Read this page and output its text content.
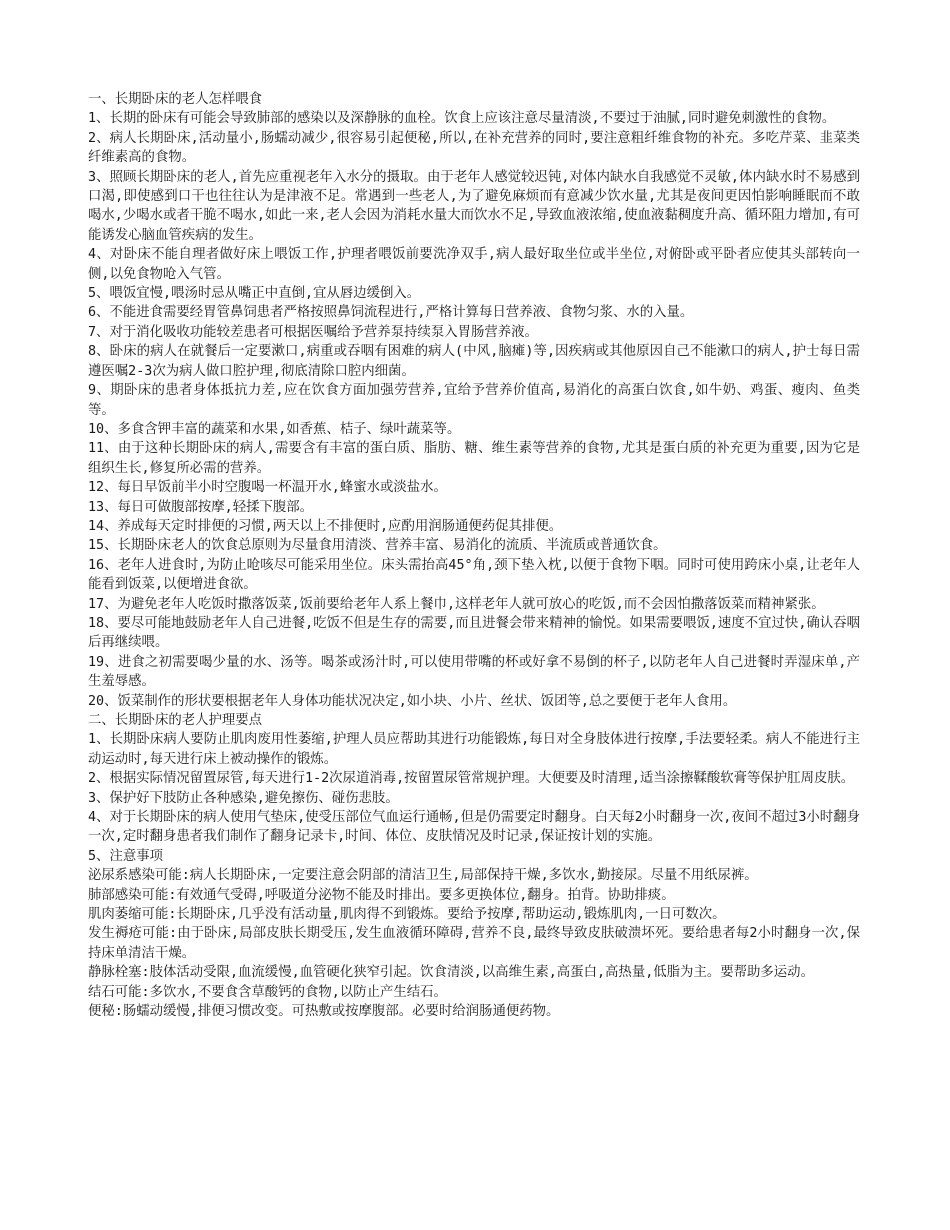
一、长期卧床的老人怎样喂食

1、长期的卧床有可能会导致肺部的感染以及深静脉的血栓。饮食上应该注意尽量清淡,不要过于油腻,同时避免刺激性的食物。

2、病人长期卧床,活动量小,肠蠕动减少,很容易引起便秘,所以,在补充营养的同时,要注意粗纤维食物的补充。多吃芹菜、韭菜类纤维素高的食物。

3、照顾长期卧床的老人,首先应重视老年入水分的摄取。由于老年人感觉较迟钝,对体内缺水自我感觉不灵敏,体内缺水时不易感到口渴,即使感到口干也往往认为是津液不足。常遇到一些老人,为了避免麻烦而有意减少饮水量,尤其是夜间更因怕影响睡眠而不敢喝水,少喝水或者干脆不喝水,如此一来,老人会因为消耗水量大而饮水不足,导致血液浓缩,使血液黏稠度升高、循环阻力增加,有可能诱发心脑血管疾病的发生。

4、对卧床不能自理者做好床上喂饭工作,护理者喂饭前要洗净双手,病人最好取坐位或半坐位,对俯卧或平卧者应使其头部转向一侧,以免食物呛入气管。

5、喂饭宜慢,喂汤时忌从嘴正中直倒,宜从唇边缓倒入。

6、不能进食需要经胃管鼻饲患者严格按照鼻饲流程进行,严格计算每日营养液、食物匀浆、水的入量。

7、对于消化吸收功能较差患者可根据医嘱给予营养泵持续泵入胃肠营养液。

8、卧床的病人在就餐后一定要漱口,病重或吞咽有困难的病人(中风,脑瘫)等,因疾病或其他原因自己不能漱口的病人,护士每日需遵医嘱2-3次为病人做口腔护理,彻底清除口腔内细菌。

9、期卧床的患者身体抵抗力差,应在饮食方面加强劳营养,宜给予营养价值高,易消化的高蛋白饮食,如牛奶、鸡蛋、瘦肉、鱼类等。

10、多食含钾丰富的蔬菜和水果,如香蕉、桔子、绿叶蔬菜等。

11、由于这种长期卧床的病人,需要含有丰富的蛋白质、脂肪、糖、维生素等营养的食物,尤其是蛋白质的补充更为重要,因为它是组织生长,修复所必需的营养。

12、每日早饭前半小时空腹喝一杯温开水,蜂蜜水或淡盐水。

13、每日可做腹部按摩,轻揉下腹部。

14、养成每天定时排便的习惯,两天以上不排便时,应酌用润肠通便药促其排便。

15、长期卧床老人的饮食总原则为尽量食用清淡、营养丰富、易消化的流质、半流质或普通饮食。

16、老年人进食时,为防止呛咳尽可能采用坐位。床头需抬高45°角,颈下垫入枕,以便于食物下咽。同时可使用跨床小桌,让老年人能看到饭菜,以便增进食欲。

17、为避免老年人吃饭时撒落饭菜,饭前要给老年人系上餐巾,这样老年人就可放心的吃饭,而不会因怕撒落饭菜而精神紧张。

18、要尽可能地鼓励老年人自己进餐,吃饭不但是生存的需要,而且进餐会带来精神的愉悦。如果需要喂饭,速度不宜过快,确认吞咽后再继续喂。

19、进食之初需要喝少量的水、汤等。喝茶或汤汁时,可以使用带嘴的杯或好拿不易倒的杯子,以防老年人自己进餐时弄湿床单,产生羞辱感。

20、饭菜制作的形状要根据老年人身体功能状况决定,如小块、小片、丝状、饭团等,总之要便于老年人食用。

二、长期卧床的老人护理要点

1、长期卧床病人要防止肌肉废用性萎缩,护理人员应帮助其进行功能锻炼,每日对全身肢体进行按摩,手法要轻柔。病人不能进行主动运动时,每天进行床上被动操作的锻炼。

2、根据实际情况留置尿管,每天进行1-2次尿道消毒,按留置尿管常规护理。大便要及时清理,适当涂擦鞣酸软膏等保护肛周皮肤。

3、保护好下肢防止各种感染,避免擦伤、碰伤悲肢。

4、对于长期卧床的病人使用气垫床,使受压部位气血运行通畅,但是仍需要定时翻身。白天每2小时翻身一次,夜间不超过3小时翻身一次,定时翻身患者我们制作了翻身记录卡,时间、体位、皮肤情况及时记录,保证按计划的实施。

5、注意事项

泌尿系感染可能:病人长期卧床,一定要注意会阴部的清洁卫生,局部保持干燥,多饮水,勤接尿。尽量不用纸尿裤。

肺部感染可能:有效通气受碍,呼吸道分泌物不能及时排出。要多更换体位,翻身。拍背。协助排痰。

肌肉萎缩可能:长期卧床,几乎没有活动量,肌肉得不到锻炼。要给予按摩,帮助运动,锻炼肌肉,一日可数次。

发生褥疮可能:由于卧床,局部皮肤长期受压,发生血液循环障碍,营养不良,最终导致皮肤破溃坏死。要给患者每2小时翻身一次,保持床单清洁干燥。

静脉栓塞:肢体活动受限,血流缓慢,血管硬化狭窄引起。饮食清淡,以高维生素,高蛋白,高热量,低脂为主。要帮助多运动。

结石可能:多饮水,不要食含草酸钙的食物,以防止产生结石。

便秘:肠蠕动缓慢,排便习惯改变。可热敷或按摩腹部。必要时给润肠通便药物。
